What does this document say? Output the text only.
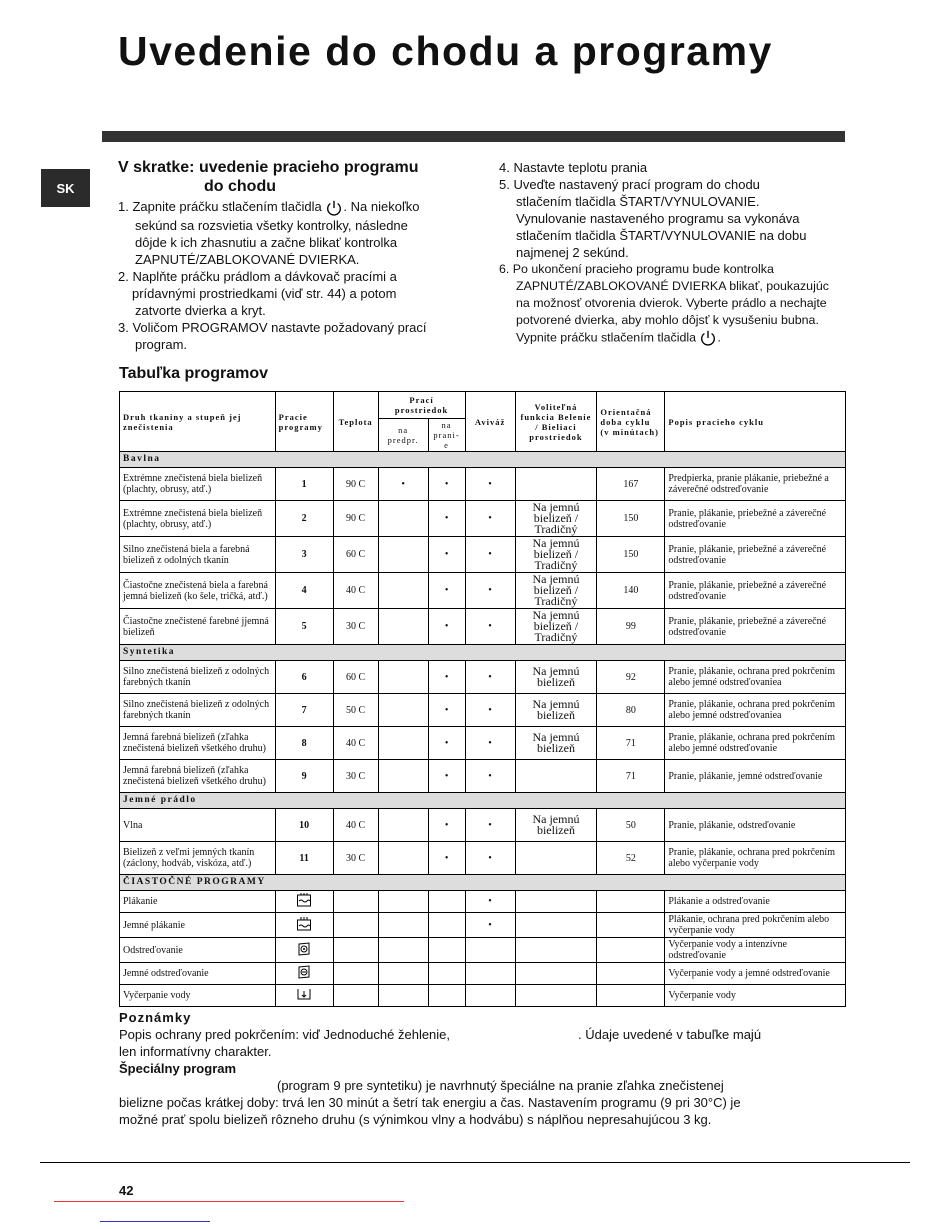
Uvedenie do chodu a programy
SK
V skratke: uvedenie pracieho programu
do chodu
1. Zapnite práčku stlačením tlačidla . Na niekoľko
sekúnd sa rozsvietia všetky kontrolky, následne
dôjde k ich zhasnutiu a začne blikať kontrolka
ZAPNUTÉ/ZABLOKOVANÉ DVIERKA.
2. Naplňte práčku prádlom a dávkovač pracími a
prídavnými prostriedkami (viď str. 44) a potom
zatvorte dvierka a kryt.
3. Voličom PROGRAMOV nastavte požadovaný prací
program.
4. Nastavte teplotu prania
5. Uveďte nastavený prací program do chodu
stlačením tlačidla ŠTART/VYNULOVANIE.
Vynulovanie nastaveného programu sa vykonáva
stlačením tlačidla ŠTART/VYNULOVANIE na dobu
najmenej 2 sekúnd.
6. Po ukončení pracieho programu bude kontrolka
ZAPNUTÉ/ZABLOKOVANÉ DVIERKA blikať, poukazujúc
na možnosť otvorenia dvierok. Vyberte prádlo a nechajte
potvorené dvierka, aby mohlo dôjsť k vysušeniu bubna.
Vypnite práčku stlačením tlačidla .
Tabuľka programov
Druh tkaniny a stupeň jej znečistenia	Pracie programy	Teplota	Prací prostriedok		Aviváž	Voliteľná funkcia Belenie / Bieliaci prostriedok	Orientačná doba cyklu (v minútach)	Popis pracieho cyklu
			na predpr.	na prani-e				
Bavlna								
Extrémne znečistená biela bielizeň (plachty, obrusy, atď.)	1	90 C	•	•	•		167	Predpierka, pranie plákanie, priebežné a záverečné odstreďovanie
Extrémne znečistená biela bielizeň (plachty, obrusy, atď.)	2	90 C		•	•	Na jemnú bielizeň / Tradičný	150	Pranie, plákanie, priebežné a záverečné odstreďovanie
Silno znečistená biela a farebná bielizeň z odolných tkanín	3	60 C		•	•	Na jemnú bielizeň / Tradičný	150	Pranie, plákanie, priebežné a záverečné odstreďovanie
Čiastočne znečistená biela a farebná jemná bielizeň (ko šele, tričká, atď.)	4	40 C		•	•	Na jemnú bielizeň / Tradičný	140	Pranie, plákanie, priebežné a záverečné odstreďovanie
Čiastočne znečistené farebné jjemná bielizeň	5	30 C		•	•	Na jemnú bielizeň / Tradičný	99	Pranie, plákanie, priebežné a záverečné odstreďovanie
Syntetika								
Silno znečistená bielizeň z odolných farebných tkanín	6	60 C		•	•	Na jemnú bielizeň	92	Pranie, plákanie, ochrana pred pokrčením alebo jemné odstreďovaniea
Silno znečistená bielizeň z odolných farebných tkanín	7	50 C		•	•	Na jemnú bielizeň	80	Pranie, plákanie, ochrana pred pokrčením alebo jemné odstreďovaniea
Jemná farebná bielizeň (zľahka znečistená bielizeň všetkého druhu)	8	40 C		•	•	Na jemnú bielizeň	71	Pranie, plákanie, ochrana pred pokrčením alebo jemné odstreďovanie
Jemná farebná bielizeň (zľahka znečistená bielizeň všetkého druhu)	9	30 C		•	•		71	Pranie, plákanie, jemné odstreďovanie
Jemné prádlo								
Vlna	10	40 C		•	•	Na jemnú bielizeň	50	Pranie, plákanie, odstreďovanie
Bielizeň z veľmi jemných tkanín (záclony, hodváb, viskóza, atď.)	11	30 C		•	•		52	Pranie, plákanie, ochrana pred pokrčením alebo vyčerpanie vody
ČIASTOČNÉ PROGRAMY								
Plákanie					•			Plákanie a odstreďovanie
Jemné plákanie					•			Plákanie, ochrana pred pokrčením alebo vyčerpanie vody
Odstreďovanie								Vyčerpanie vody a intenzívne odstreďovanie
Jemné odstreďovanie								Vyčerpanie vody a jemné odstreďovanie
Vyčerpanie vody								Vyčerpanie vody
Poznámky
Popis ochrany pred pokrčením: viď Jednoduché žehlenie,	. Údaje uvedené v tabuľke majú
len informatívny charakter.
Špeciálny program
(program 9 pre syntetiku) je navrhnutý špeciálne na pranie zľahka znečistenej
bielizne počas krátkej doby: trvá len 30 minút a šetrí tak energiu a čas. Nastavením programu (9 pri 30°C) je
možné prať spolu bielizeň rôzneho druhu (s výnimkou vlny a hodvábu) s náplňou nepresahujúcou 3 kg.
42
